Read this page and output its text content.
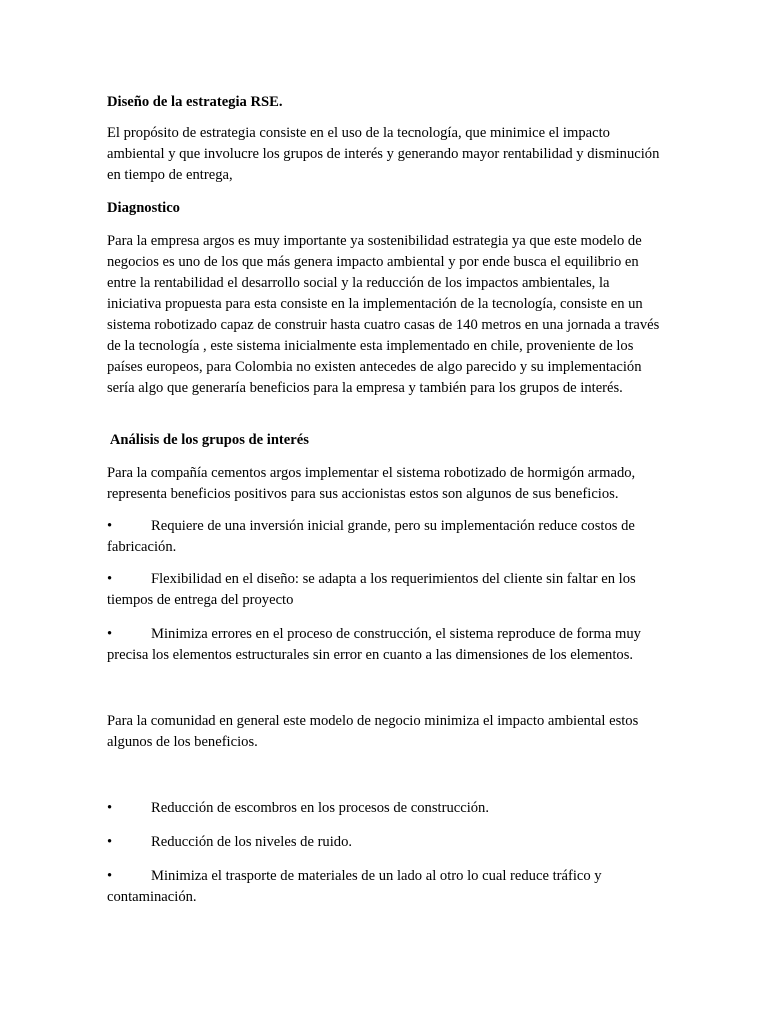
Diseño de la estrategia RSE.

El propósito de estrategia consiste en el uso de la tecnología, que minimice el impacto ambiental y que involucre los grupos de interés y generando mayor rentabilidad y disminución en tiempo de entrega,

Diagnostico

Para la empresa argos es muy importante ya sostenibilidad estrategia ya que este modelo de negocios es uno de los que más genera impacto ambiental y por ende busca el equilibrio en entre la rentabilidad el desarrollo social y la reducción de los impactos ambientales, la iniciativa propuesta para esta consiste en la implementación de la tecnología, consiste en un sistema robotizado capaz de construir hasta cuatro casas de 140 metros en una jornada a través de la tecnología , este sistema inicialmente esta implementado en chile, proveniente de los países europeos, para Colombia no existen antecedes de algo parecido y su implementación sería algo que generaría beneficios para la empresa y también para los grupos de interés.

Análisis de los grupos de interés

Para la compañía cementos argos implementar el sistema robotizado de hormigón armado, representa beneficios positivos para sus accionistas estos son algunos de sus beneficios.

•	Requiere de una inversión inicial grande, pero su implementación reduce costos de fabricación.

•	Flexibilidad en el diseño: se adapta a los requerimientos del cliente sin faltar en los tiempos de entrega del proyecto

•	Minimiza errores en el proceso de construcción, el sistema reproduce de forma muy precisa los elementos estructurales sin error en cuanto a las dimensiones de los elementos.

Para la comunidad en general este modelo de negocio minimiza el impacto ambiental estos algunos de los beneficios.

•	Reducción de escombros en los procesos de construcción.

•	Reducción de los niveles de ruido.

•	Minimiza el trasporte de materiales de un lado al otro lo cual reduce tráfico y contaminación.
